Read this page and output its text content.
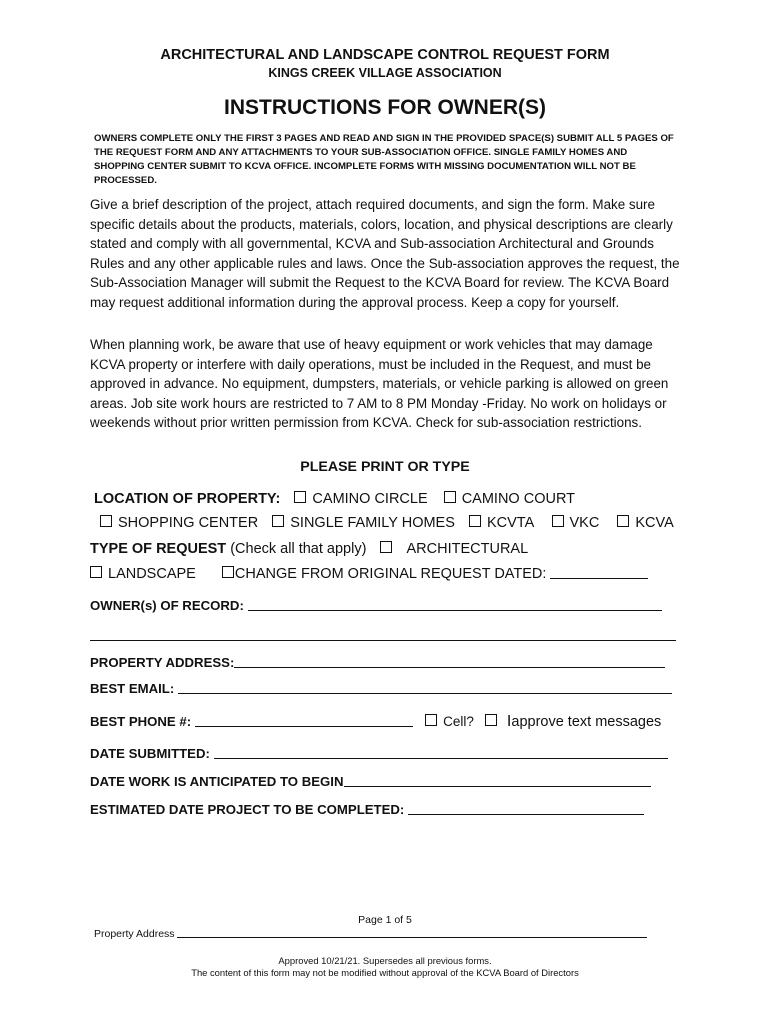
ARCHITECTURAL AND LANDSCAPE CONTROL REQUEST FORM
KINGS CREEK VILLAGE ASSOCIATION
INSTRUCTIONS FOR OWNER(S)
OWNERS COMPLETE ONLY THE FIRST 3 PAGES AND READ AND SIGN IN THE PROVIDED SPACE(S) SUBMIT ALL 5 PAGES OF THE REQUEST FORM AND ANY ATTACHMENTS TO YOUR SUB-ASSOCIATION OFFICE. SINGLE FAMILY HOMES AND SHOPPING CENTER SUBMIT TO KCVA OFFICE. INCOMPLETE FORMS WITH MISSING DOCUMENTATION WILL NOT BE PROCESSED.
Give a brief description of the project, attach required documents, and sign the form. Make sure specific details about the products, materials, colors, location, and physical descriptions are clearly stated and comply with all governmental, KCVA and Sub-association Architectural and Grounds Rules and any other applicable rules and laws. Once the Sub-association approves the request, the Sub-Association Manager will submit the Request to the KCVA Board for review. The KCVA Board may request additional information during the approval process. Keep a copy for yourself.
When planning work, be aware that use of heavy equipment or work vehicles that may damage KCVA property or interfere with daily operations, must be included in the Request, and must be approved in advance. No equipment, dumpsters, materials, or vehicle parking is allowed on green areas. Job site work hours are restricted to 7 AM to 8 PM Monday -Friday. No work on holidays or weekends without prior written permission from KCVA. Check for sub-association restrictions.
PLEASE PRINT OR TYPE
LOCATION OF PROPERTY: CAMINO CIRCLE CAMINO COURT
SHOPPING CENTER SINGLE FAMILY HOMES KCVTA VKC KCVA
TYPE OF REQUEST (Check all that apply)	ARCHITECTURAL
LANDSCAPE	CHANGE FROM ORIGINAL REQUEST DATED:
OWNER(s) OF RECORD:
PROPERTY ADDRESS:
BEST EMAIL:
BEST PHONE #:	Cell? Iapprove text messages
DATE SUBMITTED:
DATE WORK IS ANTICIPATED TO BEGIN
ESTIMATED DATE PROJECT TO BE COMPLETED:
Page 1 of 5
Property Address
Approved 10/21/21. Supersedes all previous forms.
The content of this form may not be modified without approval of the KCVA Board of Directors
